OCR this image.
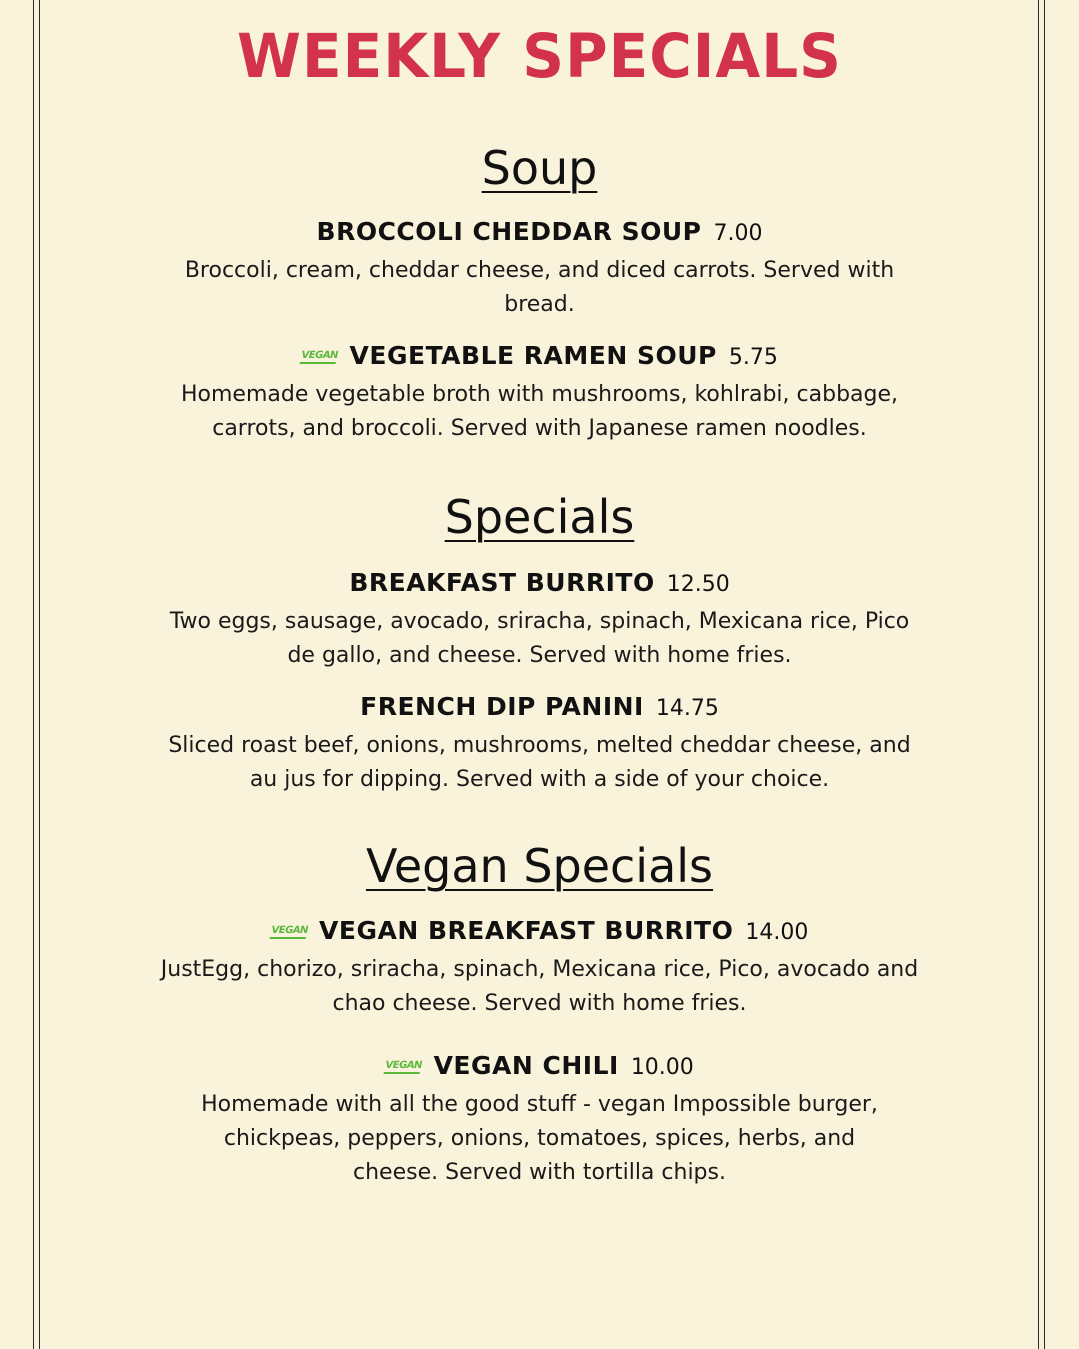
WEEKLY SPECIALS
Soup
BROCCOLI CHEDDAR SOUP 7.00
Broccoli, cream, cheddar cheese, and diced carrots. Served with bread.
VEGAN VEGETABLE RAMEN SOUP 5.75
Homemade vegetable broth with mushrooms, kohlrabi, cabbage, carrots, and broccoli. Served with Japanese ramen noodles.
Specials
BREAKFAST BURRITO 12.50
Two eggs, sausage, avocado, sriracha, spinach, Mexicana rice, Pico de gallo, and cheese. Served with home fries.
FRENCH DIP PANINI 14.75
Sliced roast beef, onions, mushrooms, melted cheddar cheese, and au jus for dipping. Served with a side of your choice.
Vegan Specials
VEGAN VEGAN BREAKFAST BURRITO 14.00
JustEgg, chorizo, sriracha, spinach, Mexicana rice, Pico, avocado and chao cheese. Served with home fries.
VEGAN VEGAN CHILI 10.00
Homemade with all the good stuff - vegan Impossible burger, chickpeas, peppers, onions, tomatoes, spices, herbs, and cheese. Served with tortilla chips.
